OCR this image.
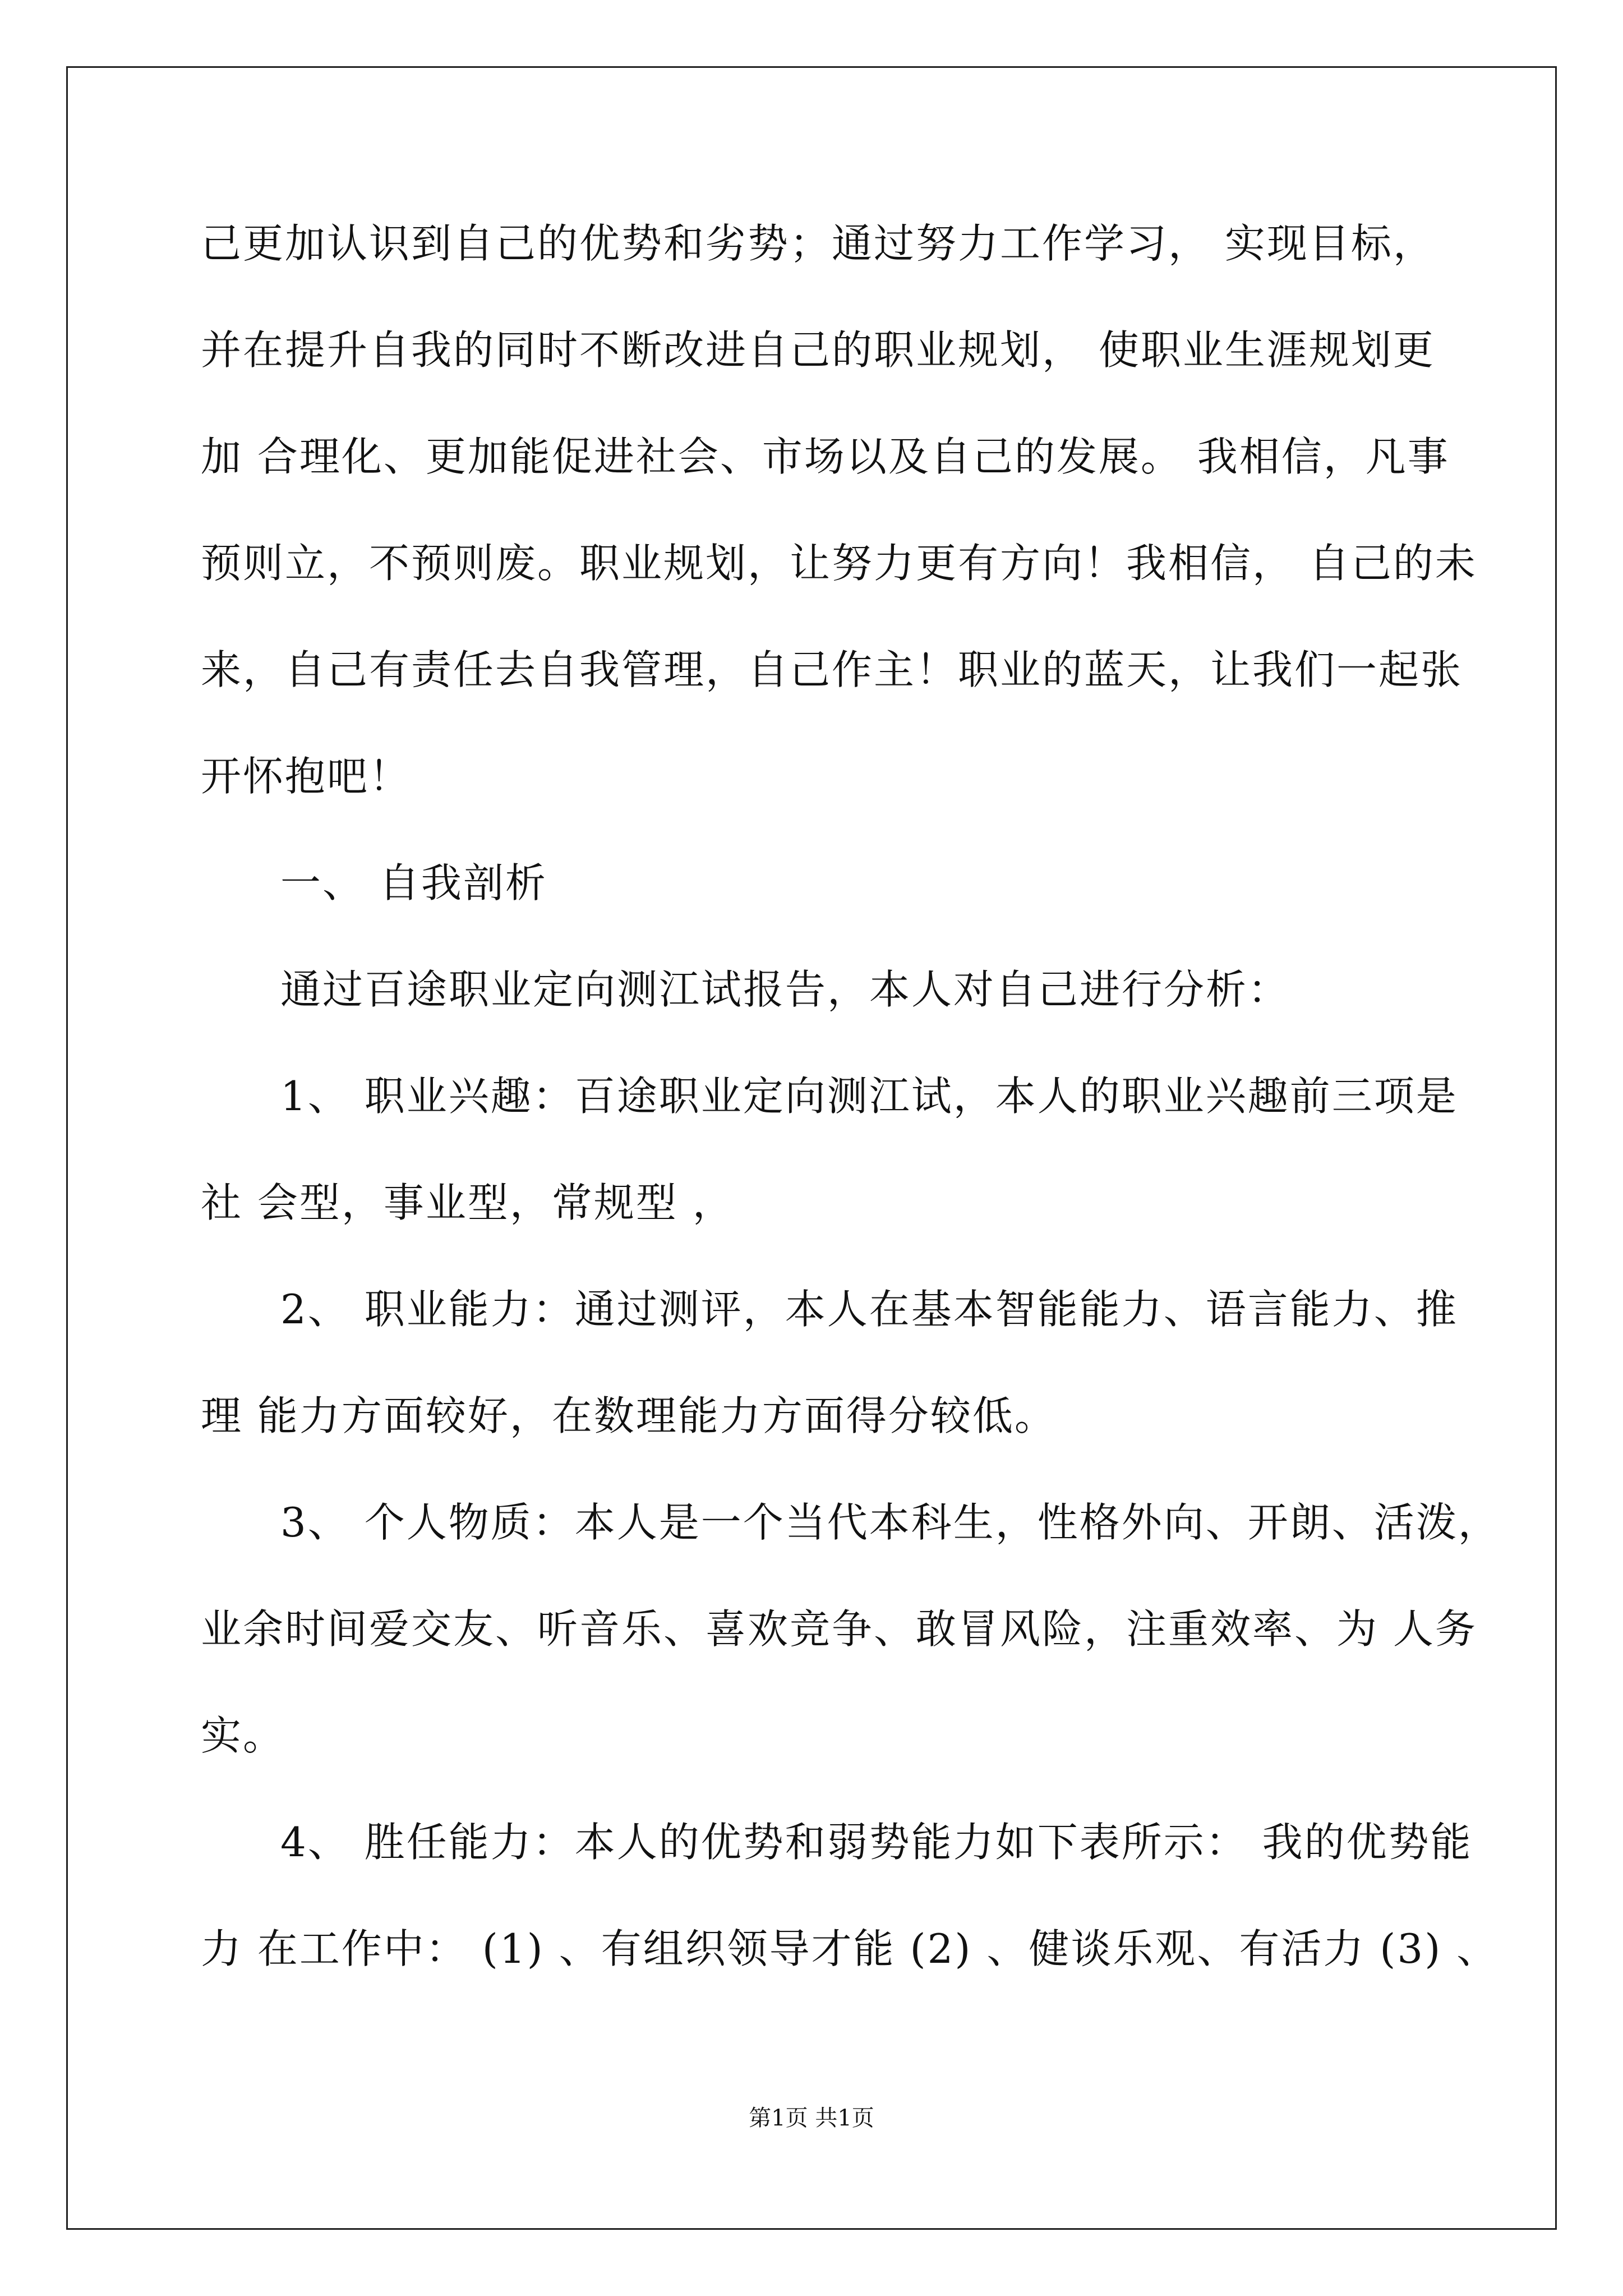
己更加认识到自己的优势和劣势；通过努力工作学习， 实现目标，
并在提升自我的同时不断改进自己的职业规划， 使职业生涯规划更
加 合理化、更加能促进社会、市场以及自己的发展。 我相信，凡事
预则立，不预则废。职业规划，让努力更有方向！我相信， 自己的未
来，自己有责任去自我管理，自己作主！职业的蓝天，让我们一起张
开怀抱吧！
一、 自我剖析
通过百途职业定向测江试报告，本人对自己进行分析：
1、 职业兴趣：百途职业定向测江试，本人的职业兴趣前三项是
社 会型，事业型，常规型 ，
2、 职业能力：通过测评，本人在基本智能能力、语言能力、推
理 能力方面较好，在数理能力方面得分较低。
3、 个人物质：本人是一个当代本科生，性格外向、开朗、活泼，
业余时间爱交友、听音乐、喜欢竞争、敢冒风险，注重效率、为 人务
实。
4、 胜任能力：本人的优势和弱势能力如下表所示： 我的优势能
力 在工作中： (1) 、有组织领导才能 (2) 、健谈乐观、有活力 (3) 、
第1页 共1页
